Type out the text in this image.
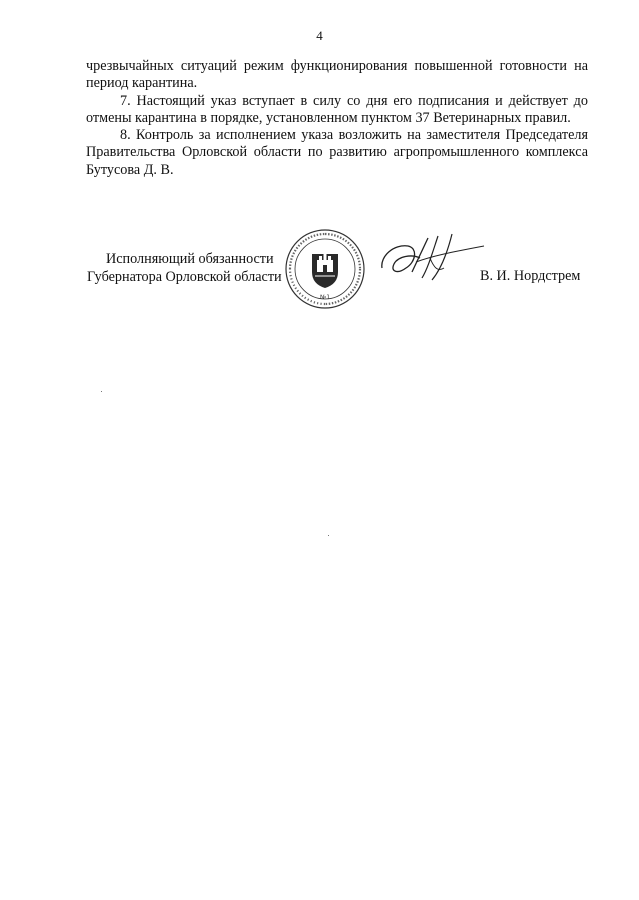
4

чрезвычайных ситуаций режим функционирования повышенной готовности на период карантина.

7. Настоящий указ вступает в силу со дня его подписания и действует до отмены карантина в порядке, установленном пунктом 37 Ветеринарных правил.

8. Контроль за исполнением указа возложить на заместителя Председателя Правительства Орловской области по развитию агропромышленного комплекса Бутусова Д. В.

Исполняющий обязанности
Губернатора Орловской области	В. И. Нордстрем
№1
